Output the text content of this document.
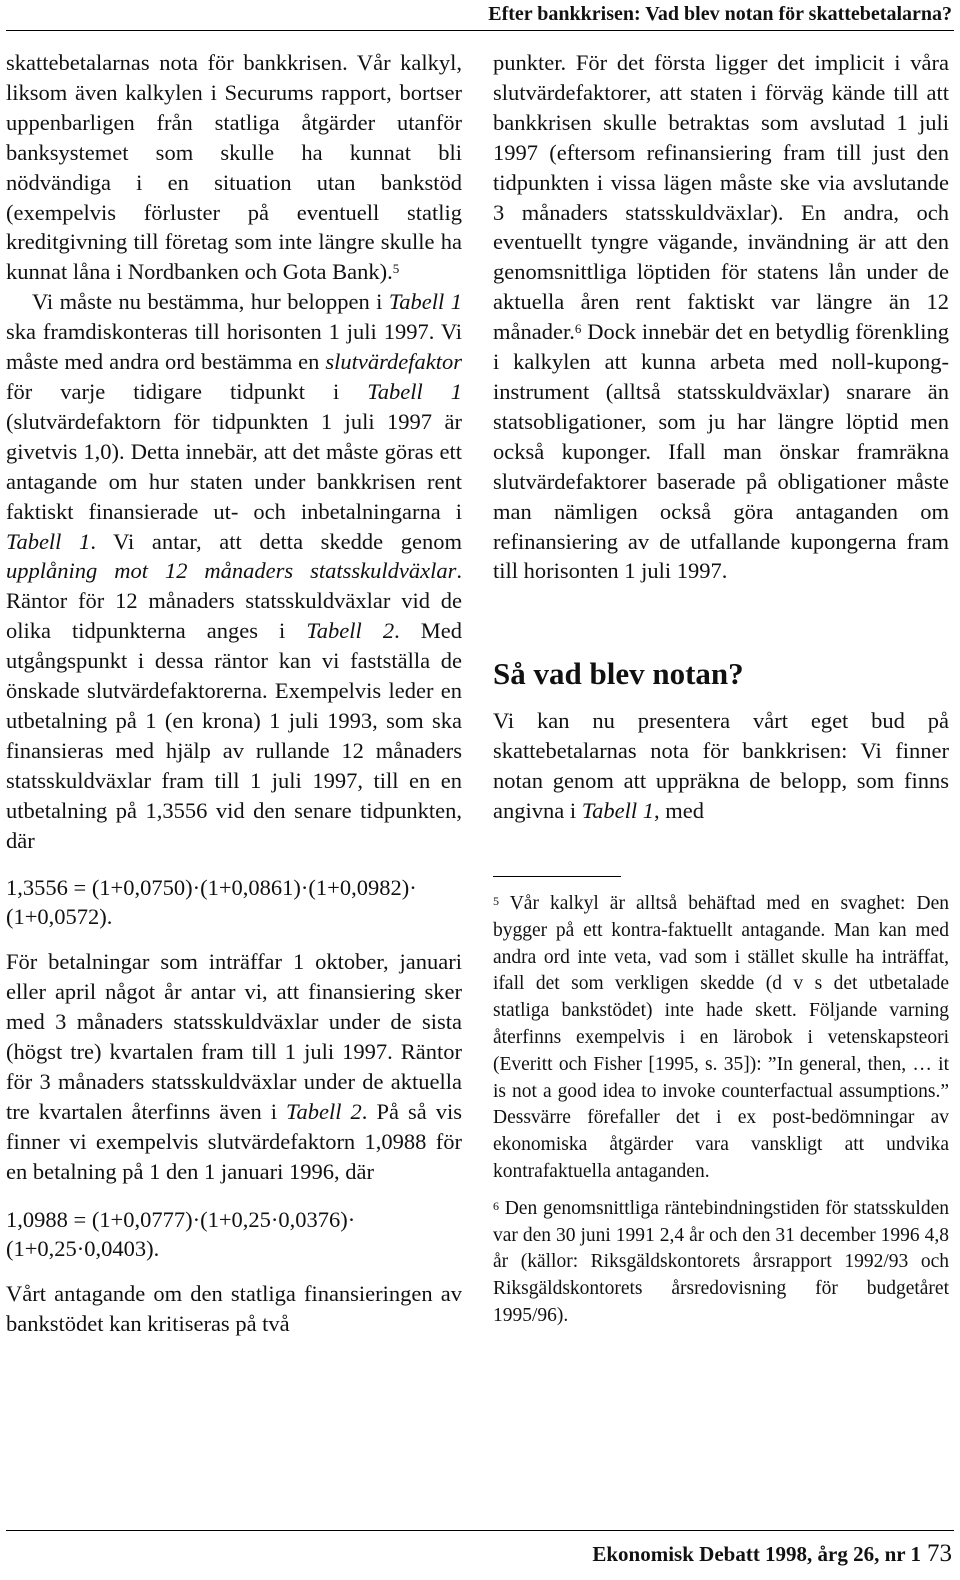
Efter bankkrisen: Vad blev notan för skattebetalarna?

skattebetalarnas nota för bankkrisen. Vår kalkyl, liksom även kalkylen i Securums rapport, bortser uppenbarligen från statliga åtgärder utanför banksystemet som skulle ha kunnat bli nödvändiga i en situation utan bankstöd (exempelvis förluster på eventuell statlig kreditgivning till företag som inte längre skulle ha kunnat låna i Nordbanken och Gota Bank).$^5$

Vi måste nu bestämma, hur beloppen i Tabell 1 ska framdiskonteras till horisonten 1 juli 1997. Vi måste med andra ord bestämma en slutvärdefaktor för varje tidigare tidpunkt i Tabell 1 (slutvärdefaktorn för tidpunkten 1 juli 1997 är givetvis 1,0). Detta innebär, att det måste göras ett antagande om hur staten under bankkrisen rent faktiskt finansierade ut- och inbetalningarna i Tabell 1. Vi antar, att detta skedde genom upplåning mot 12 månaders statsskuldväxlar. Räntor för 12 månaders statsskuldväxlar vid de olika tidpunkterna anges i Tabell 2. Med utgångspunkt i dessa räntor kan vi fastställa de önskade slutvärdefaktorerna. Exempelvis leder en utbetalning på 1 (en krona) 1 juli 1993, som ska finansieras med hjälp av rullande 12 månaders statsskuldväxlar fram till 1 juli 1997, till en en utbetalning på 1,3556 vid den senare tidpunkten, där

1,3556 = (1+0,0750)·(1+0,0861)·(1+0,0982)·
(1+0,0572).

För betalningar som inträffar 1 oktober, januari eller april något år antar vi, att finansiering sker med 3 månaders statsskuldväxlar under de sista (högst tre) kvartalen fram till 1 juli 1997. Räntor för 3 månaders statsskuldväxlar under de aktuella tre kvartalen återfinns även i Tabell 2. På så vis finner vi exempelvis slutvärdefaktorn 1,0988 för en betalning på 1 den 1 januari 1996, där

1,0988 = (1+0,0777)·(1+0,25·0,0376)·
(1+0,25·0,0403).

Vårt antagande om den statliga finansieringen av bankstödet kan kritiseras på två

punkter. För det första ligger det implicit i våra slutvärdefaktorer, att staten i förväg kände till att bankkrisen skulle betraktas som avslutad 1 juli 1997 (eftersom refinansiering fram till just den tidpunkten i vissa lägen måste ske via avslutande 3 månaders statsskuldväxlar). En andra, och eventuellt tyngre vägande, invändning är att den genomsnittliga löptiden för statens lån under de aktuella åren rent faktiskt var längre än 12 månader.$^6$ Dock innebär det en betydlig förenkling i kalkylen att kunna arbeta med noll-kupong-instrument (alltså statsskuldväxlar) snarare än statsobligationer, som ju har längre löptid men också kuponger. Ifall man önskar framräkna slutvärdefaktorer baserade på obligationer måste man nämligen också göra antaganden om refinansiering av de utfallande kupongerna fram till horisonten 1 juli 1997.

Så vad blev notan?

Vi kan nu presentera vårt eget bud på skattebetalarnas nota för bankkrisen: Vi finner notan genom att uppräkna de belopp, som finns angivna i Tabell 1, med

$^5$ Vår kalkyl är alltså behäftad med en svaghet: Den bygger på ett kontra-faktuellt antagande. Man kan med andra ord inte veta, vad som i stället skulle ha inträffat, ifall det som verkligen skedde (d v s det utbetalade statliga bankstödet) inte hade skett. Följande varning återfinns exempelvis i en lärobok i vetenskapsteori (Everitt och Fisher [1995, s. 35]): ”In general, then, … it is not a good idea to invoke counterfactual assumptions.” Dessvärre förefaller det i ex post-bedömningar av ekonomiska åtgärder vara vanskligt att undvika kontrafaktuella antaganden.

$^6$ Den genomsnittliga räntebindningstiden för statsskulden var den 30 juni 1991 2,4 år och den 31 december 1996 4,8 år (källor: Riksgäldskontorets årsrapport 1992/93 och Riksgäldskontorets årsredovisning för budgetåret 1995/96).

Ekonomisk Debatt 1998, årg 26, nr 1 73
